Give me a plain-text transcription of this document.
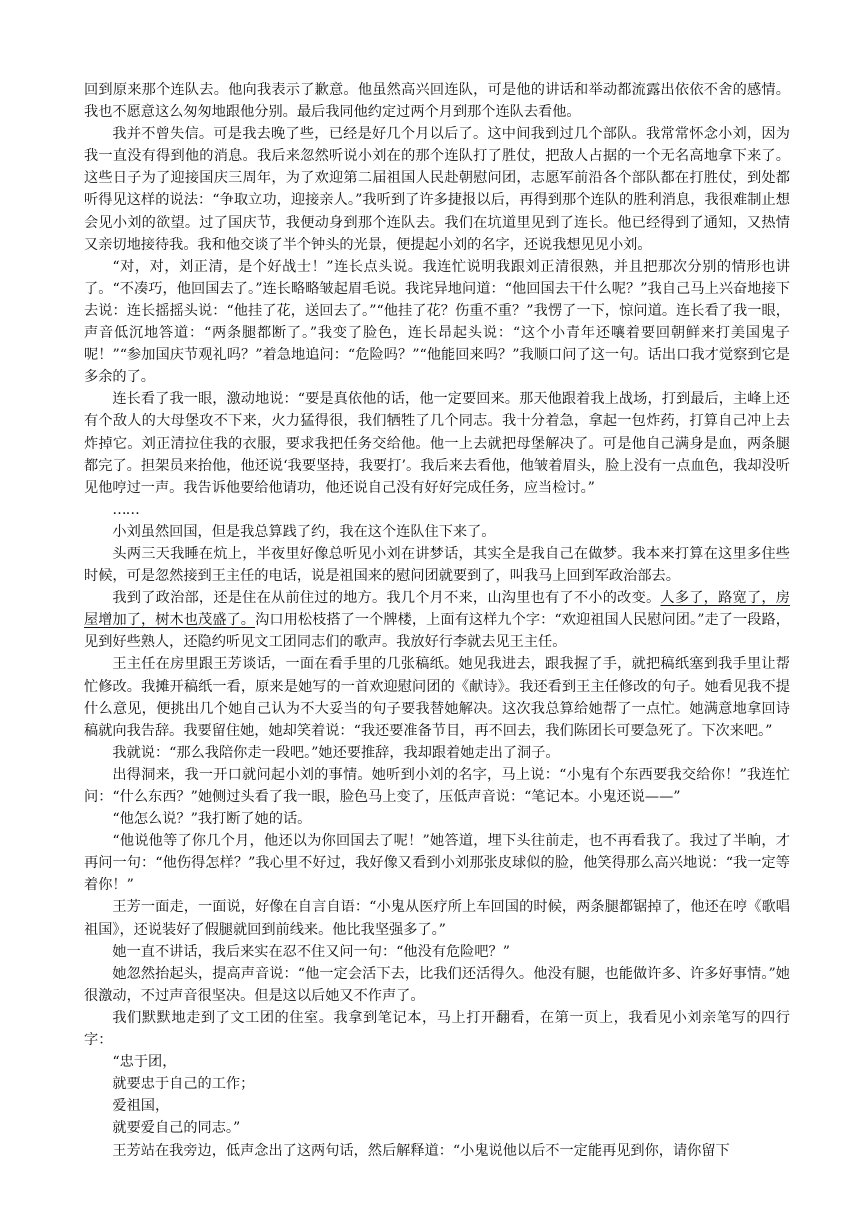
回到原来那个连队去。他向我表示了歉意。他虽然高兴回连队，可是他的讲话和举动都流露出依依不舍的感情。我也不愿意这么匆匆地跟他分别。最后我同他约定过两个月到那个连队去看他。

我并不曾失信。可是我去晚了些，已经是好几个月以后了。这中间我到过几个部队。我常常怀念小刘，因为我一直没有得到他的消息。我后来忽然听说小刘在的那个连队打了胜仗，把敌人占据的一个无名高地拿下来了。这些日子为了迎接国庆三周年，为了欢迎第二届祖国人民赴朝慰问团，志愿军前沿各个部队都在打胜仗，到处都听得见这样的说法：“争取立功，迎接亲人。”我听到了许多捷报以后，再得到那个连队的胜利消息，我很难制止想会见小刘的欲望。过了国庆节，我便动身到那个连队去。我们在坑道里见到了连长。他已经得到了通知，又热情又亲切地接待我。我和他交谈了半个钟头的光景，便提起小刘的名字，还说我想见见小刘。

“对，对，刘正清，是个好战士！”连长点头说。我连忙说明我跟刘正清很熟，并且把那次分别的情形也讲了。“不凑巧，他回国去了。”连长略略皱起眉毛说。我诧异地问道：“他回国去干什么呢？”我自己马上兴奋地接下去说：连长摇摇头说：“他挂了花，送回去了。”“他挂了花？伤重不重？”我愣了一下，惊问道。连长看了我一眼，声音低沉地答道：“两条腿都断了。”我变了脸色，连长昂起头说：“这个小青年还嚷着要回朝鲜来打美国鬼子呢！”“参加国庆节观礼吗？”着急地追问：“危险吗？”“他能回来吗？”我顺口问了这一句。话出口我才觉察到它是多余的了。

连长看了我一眼，激动地说：“要是真依他的话，他一定要回来。那天他跟着我上战场，打到最后，主峰上还有个敌人的大母堡攻不下来，火力猛得很，我们牺牲了几个同志。我十分着急，拿起一包炸药，打算自己冲上去炸掉它。刘正清拉住我的衣服，要求我把任务交给他。他一上去就把母堡解决了。可是他自己满身是血，两条腿都完了。担架员来抬他，他还说‘我要坚持，我要打’。我后来去看他，他皱着眉头，脸上没有一点血色，我却没听见他哼过一声。我告诉他要给他请功，他还说自己没有好好完成任务，应当检讨。”

……

小刘虽然回国，但是我总算践了约，我在这个连队住下来了。

头两三天我睡在炕上，半夜里好像总听见小刘在讲梦话，其实全是我自己在做梦。我本来打算在这里多住些时候，可是忽然接到王主任的电话，说是祖国来的慰问团就要到了，叫我马上回到军政治部去。

我到了政治部，还是住在从前住过的地方。我几个月不来，山沟里也有了不小的改变。人多了，路宽了，房屋增加了，树木也茂盛了。沟口用松枝搭了一个牌楼，上面有这样九个字：“欢迎祖国人民慰问团。”走了一段路，见到好些熟人，还隐约听见文工团同志们的歌声。我放好行李就去见王主任。

王主任在房里跟王芳谈话，一面在看手里的几张稿纸。她见我进去，跟我握了手，就把稿纸塞到我手里让帮忙修改。我摊开稿纸一看，原来是她写的一首欢迎慰问团的《献诗》。我还看到王主任修改的句子。她看见我不提什么意见，便挑出几个她自己认为不大妥当的句子要我替她解决。这次我总算给她帮了一点忙。她满意地拿回诗稿就向我告辞。我要留住她，她却笑着说：“我还要准备节目，再不回去，我们陈团长可要急死了。下次来吧。”

我就说：“那么我陪你走一段吧。”她还要推辞，我却跟着她走出了洞子。

出得洞来，我一开口就问起小刘的事情。她听到小刘的名字，马上说：“小鬼有个东西要我交给你！”我连忙问：“什么东西？”她侧过头看了我一眼，脸色马上变了，压低声音说：“笔记本。小鬼还说——”

“他怎么说？”我打断了她的话。

“他说他等了你几个月，他还以为你回国去了呢！”她答道，埋下头往前走，也不再看我了。我过了半晌，才再问一句：“他伤得怎样？”我心里不好过，我好像又看到小刘那张皮球似的脸，他笑得那么高兴地说：“我一定等着你！”

王芳一面走，一面说，好像在自言自语：“小鬼从医疗所上车回国的时候，两条腿都锯掉了，他还在哼《歌唱祖国》，还说装好了假腿就回到前线来。他比我坚强多了。”

她一直不讲话，我后来实在忍不住又问一句：“他没有危险吧？”

她忽然抬起头，提高声音说：“他一定会活下去，比我们还活得久。他没有腿，也能做许多、许多好事情。”她很激动，不过声音很坚决。但是这以后她又不作声了。

我们默默地走到了文工团的住室。我拿到笔记本，马上打开翻看，在第一页上，我看见小刘亲笔写的四行字：

“忠于团，

就要忠于自己的工作；

爱祖国，

就要爱自己的同志。”

王芳站在我旁边，低声念出了这两句话，然后解释道：“小鬼说他以后不一定能再见到你，请你留下
